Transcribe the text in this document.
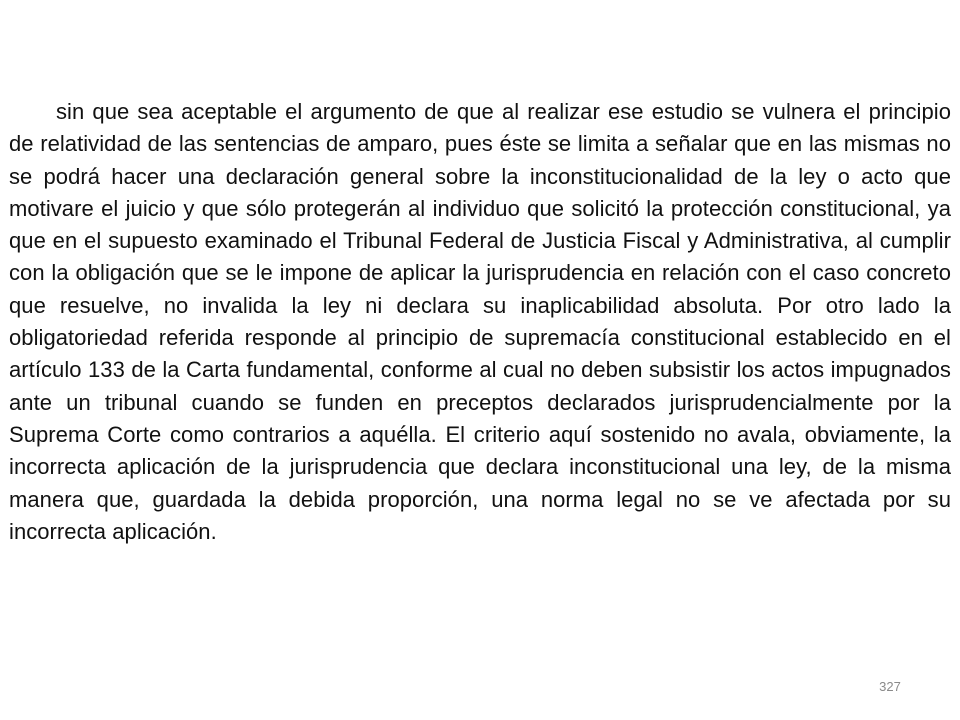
sin que sea aceptable el argumento de que al realizar ese estudio se vulnera el principio de relatividad de las sentencias de amparo, pues éste se limita a señalar que en las mismas no se podrá hacer una declaración general sobre la inconstitucionalidad de la ley o acto que motivare el juicio y que sólo protegerán al individuo que solicitó la protección constitucional, ya que en el supuesto examinado el Tribunal Federal de Justicia Fiscal y Administrativa, al cumplir con la obligación que se le impone de aplicar la jurisprudencia en relación con el caso concreto que resuelve, no invalida la ley ni declara su inaplicabilidad absoluta. Por otro lado la obligatoriedad referida responde al principio de supremacía constitucional establecido en el artículo 133 de la Carta fundamental, conforme al cual no deben subsistir los actos impugnados ante un tribunal cuando se funden en preceptos declarados jurisprudencialmente por la Suprema Corte como contrarios a aquélla. El criterio aquí sostenido no avala, obviamente, la incorrecta aplicación de la jurisprudencia que declara inconstitucional una ley, de la misma manera que, guardada la debida proporción, una norma legal no se ve afectada por su incorrecta aplicación.

327
